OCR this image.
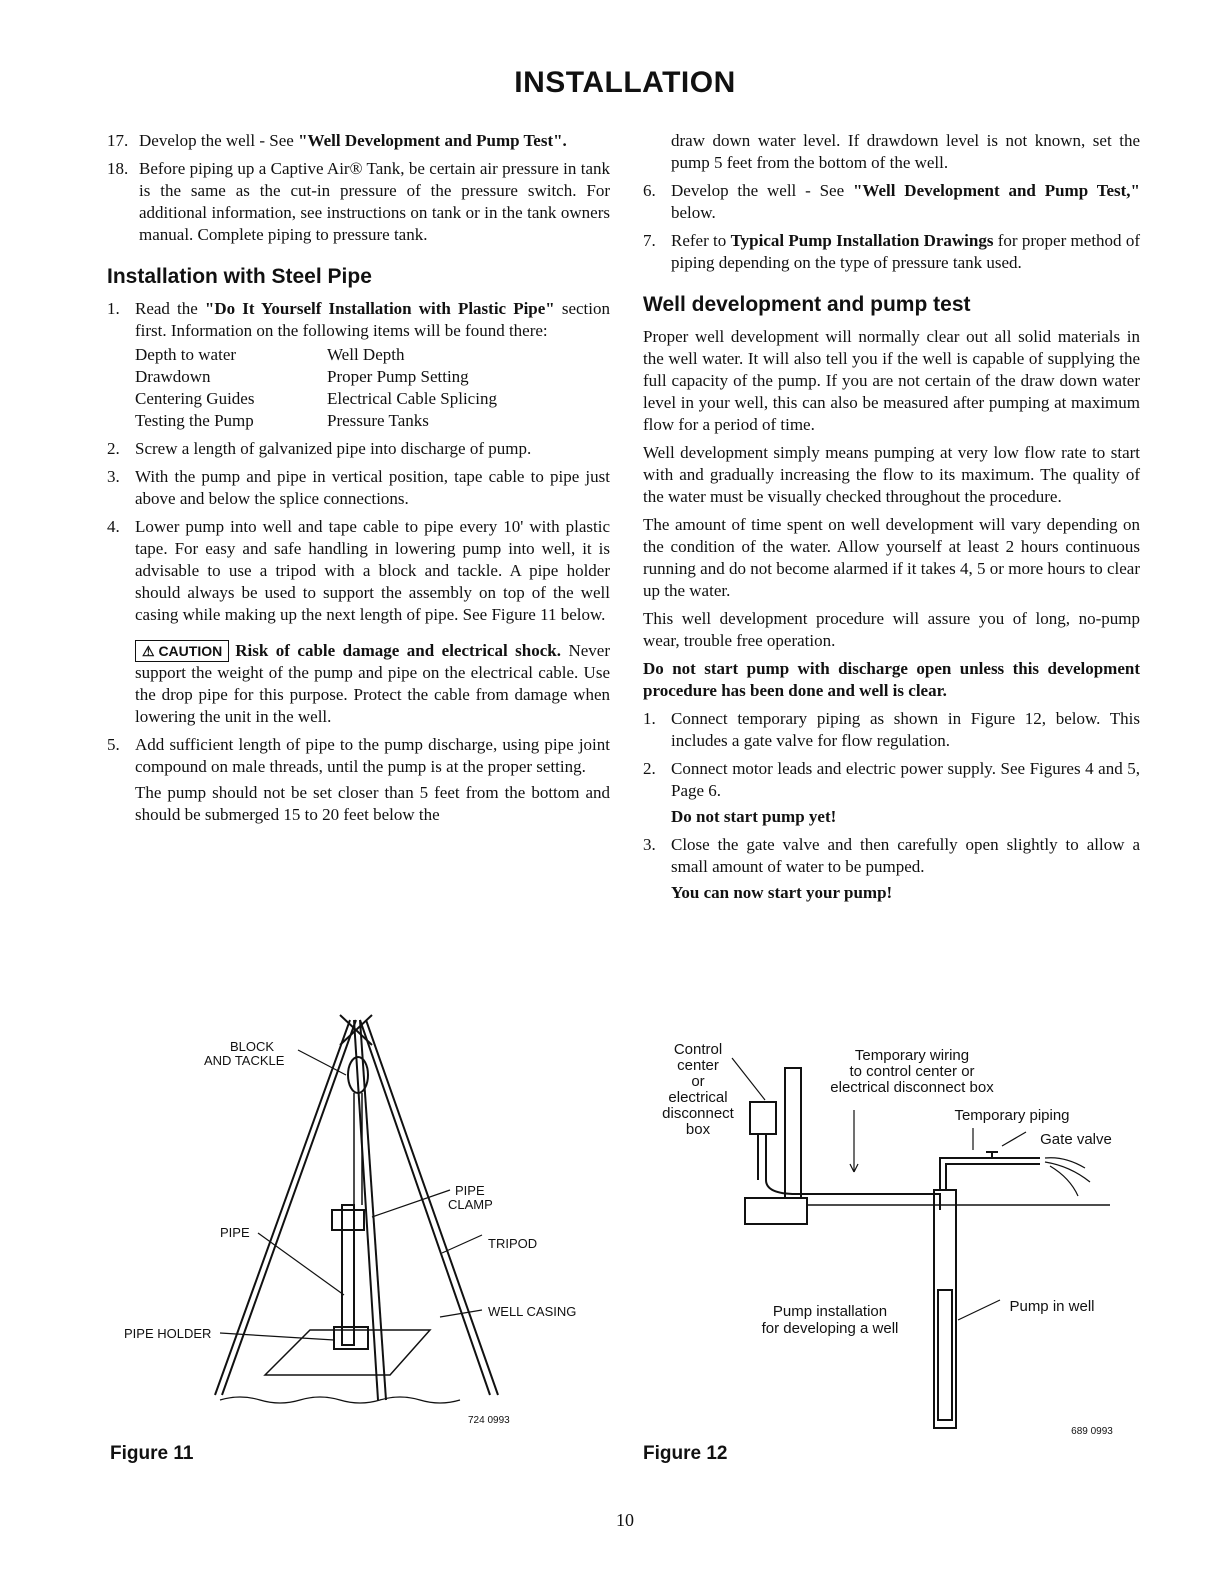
INSTALLATION
17. Develop the well - See "Well Development and Pump Test".
18. Before piping up a Captive Air® Tank, be certain air pressure in tank is the same as the cut-in pressure of the pressure switch. For additional information, see instructions on tank or in the tank owners manual. Complete piping to pressure tank.
Installation with Steel Pipe
1. Read the "Do It Yourself Installation with Plastic Pipe" section first. Information on the following items will be found there:
Depth to water	Well Depth
Drawdown	Proper Pump Setting
Centering Guides	Electrical Cable Splicing
Testing the Pump	Pressure Tanks
2. Screw a length of galvanized pipe into discharge of pump.
3. With the pump and pipe in vertical position, tape cable to pipe just above and below the splice connections.
4. Lower pump into well and tape cable to pipe every 10' with plastic tape. For easy and safe handling in lowering pump into well, it is advisable to use a tripod with a block and tackle. A pipe holder should always be used to support the assembly on top of the well casing while making up the next length of pipe. See Figure 11 below.
⚠ CAUTION Risk of cable damage and electrical shock. Never support the weight of the pump and pipe on the electrical cable. Use the drop pipe for this purpose. Protect the cable from damage when lowering the unit in the well.
5. Add sufficient length of pipe to the pump discharge, using pipe joint compound on male threads, until the pump is at the proper setting.
The pump should not be set closer than 5 feet from the bottom and should be submerged 15 to 20 feet below the

draw down water level. If drawdown level is not known, set the pump 5 feet from the bottom of the well.

6. Develop the well - See "Well Development and Pump Test," below.
7. Refer to Typical Pump Installation Drawings for proper method of piping depending on the type of pressure tank used.
Well development and pump test

Proper well development will normally clear out all solid materials in the well water. It will also tell you if the well is capable of supplying the full capacity of the pump. If you are not certain of the draw down water level in your well, this can also be measured after pumping at maximum flow for a period of time.

Well development simply means pumping at very low flow rate to start with and gradually increasing the flow to its maximum. The quality of the water must be visually checked throughout the procedure.

The amount of time spent on well development will vary depending on the condition of the water. Allow yourself at least 2 hours continuous running and do not become alarmed if it takes 4, 5 or more hours to clear up the water.

This well development procedure will assure you of long, no-pump wear, trouble free operation.

Do not start pump with discharge open unless this development procedure has been done and well is clear.

1. Connect temporary piping as shown in Figure 12, below. This includes a gate valve for flow regulation.
2. Connect motor leads and electric power supply. See Figures 4 and 5, Page 6.
Do not start pump yet!
3. Close the gate valve and then carefully open slightly to allow a small amount of water to be pumped.
You can now start your pump!
BLOCK
AND TACKLE
PIPE
CLAMP
PIPE
TRIPOD
WELL CASING
PIPE HOLDER
724 0993
Figure 11
Control
center
or
electrical
disconnect
box
Temporary wiring
to control center or
electrical disconnect box
Temporary piping
Gate valve
Pump installation
for developing a well
Pump in well
689 0993
Figure 12
10
